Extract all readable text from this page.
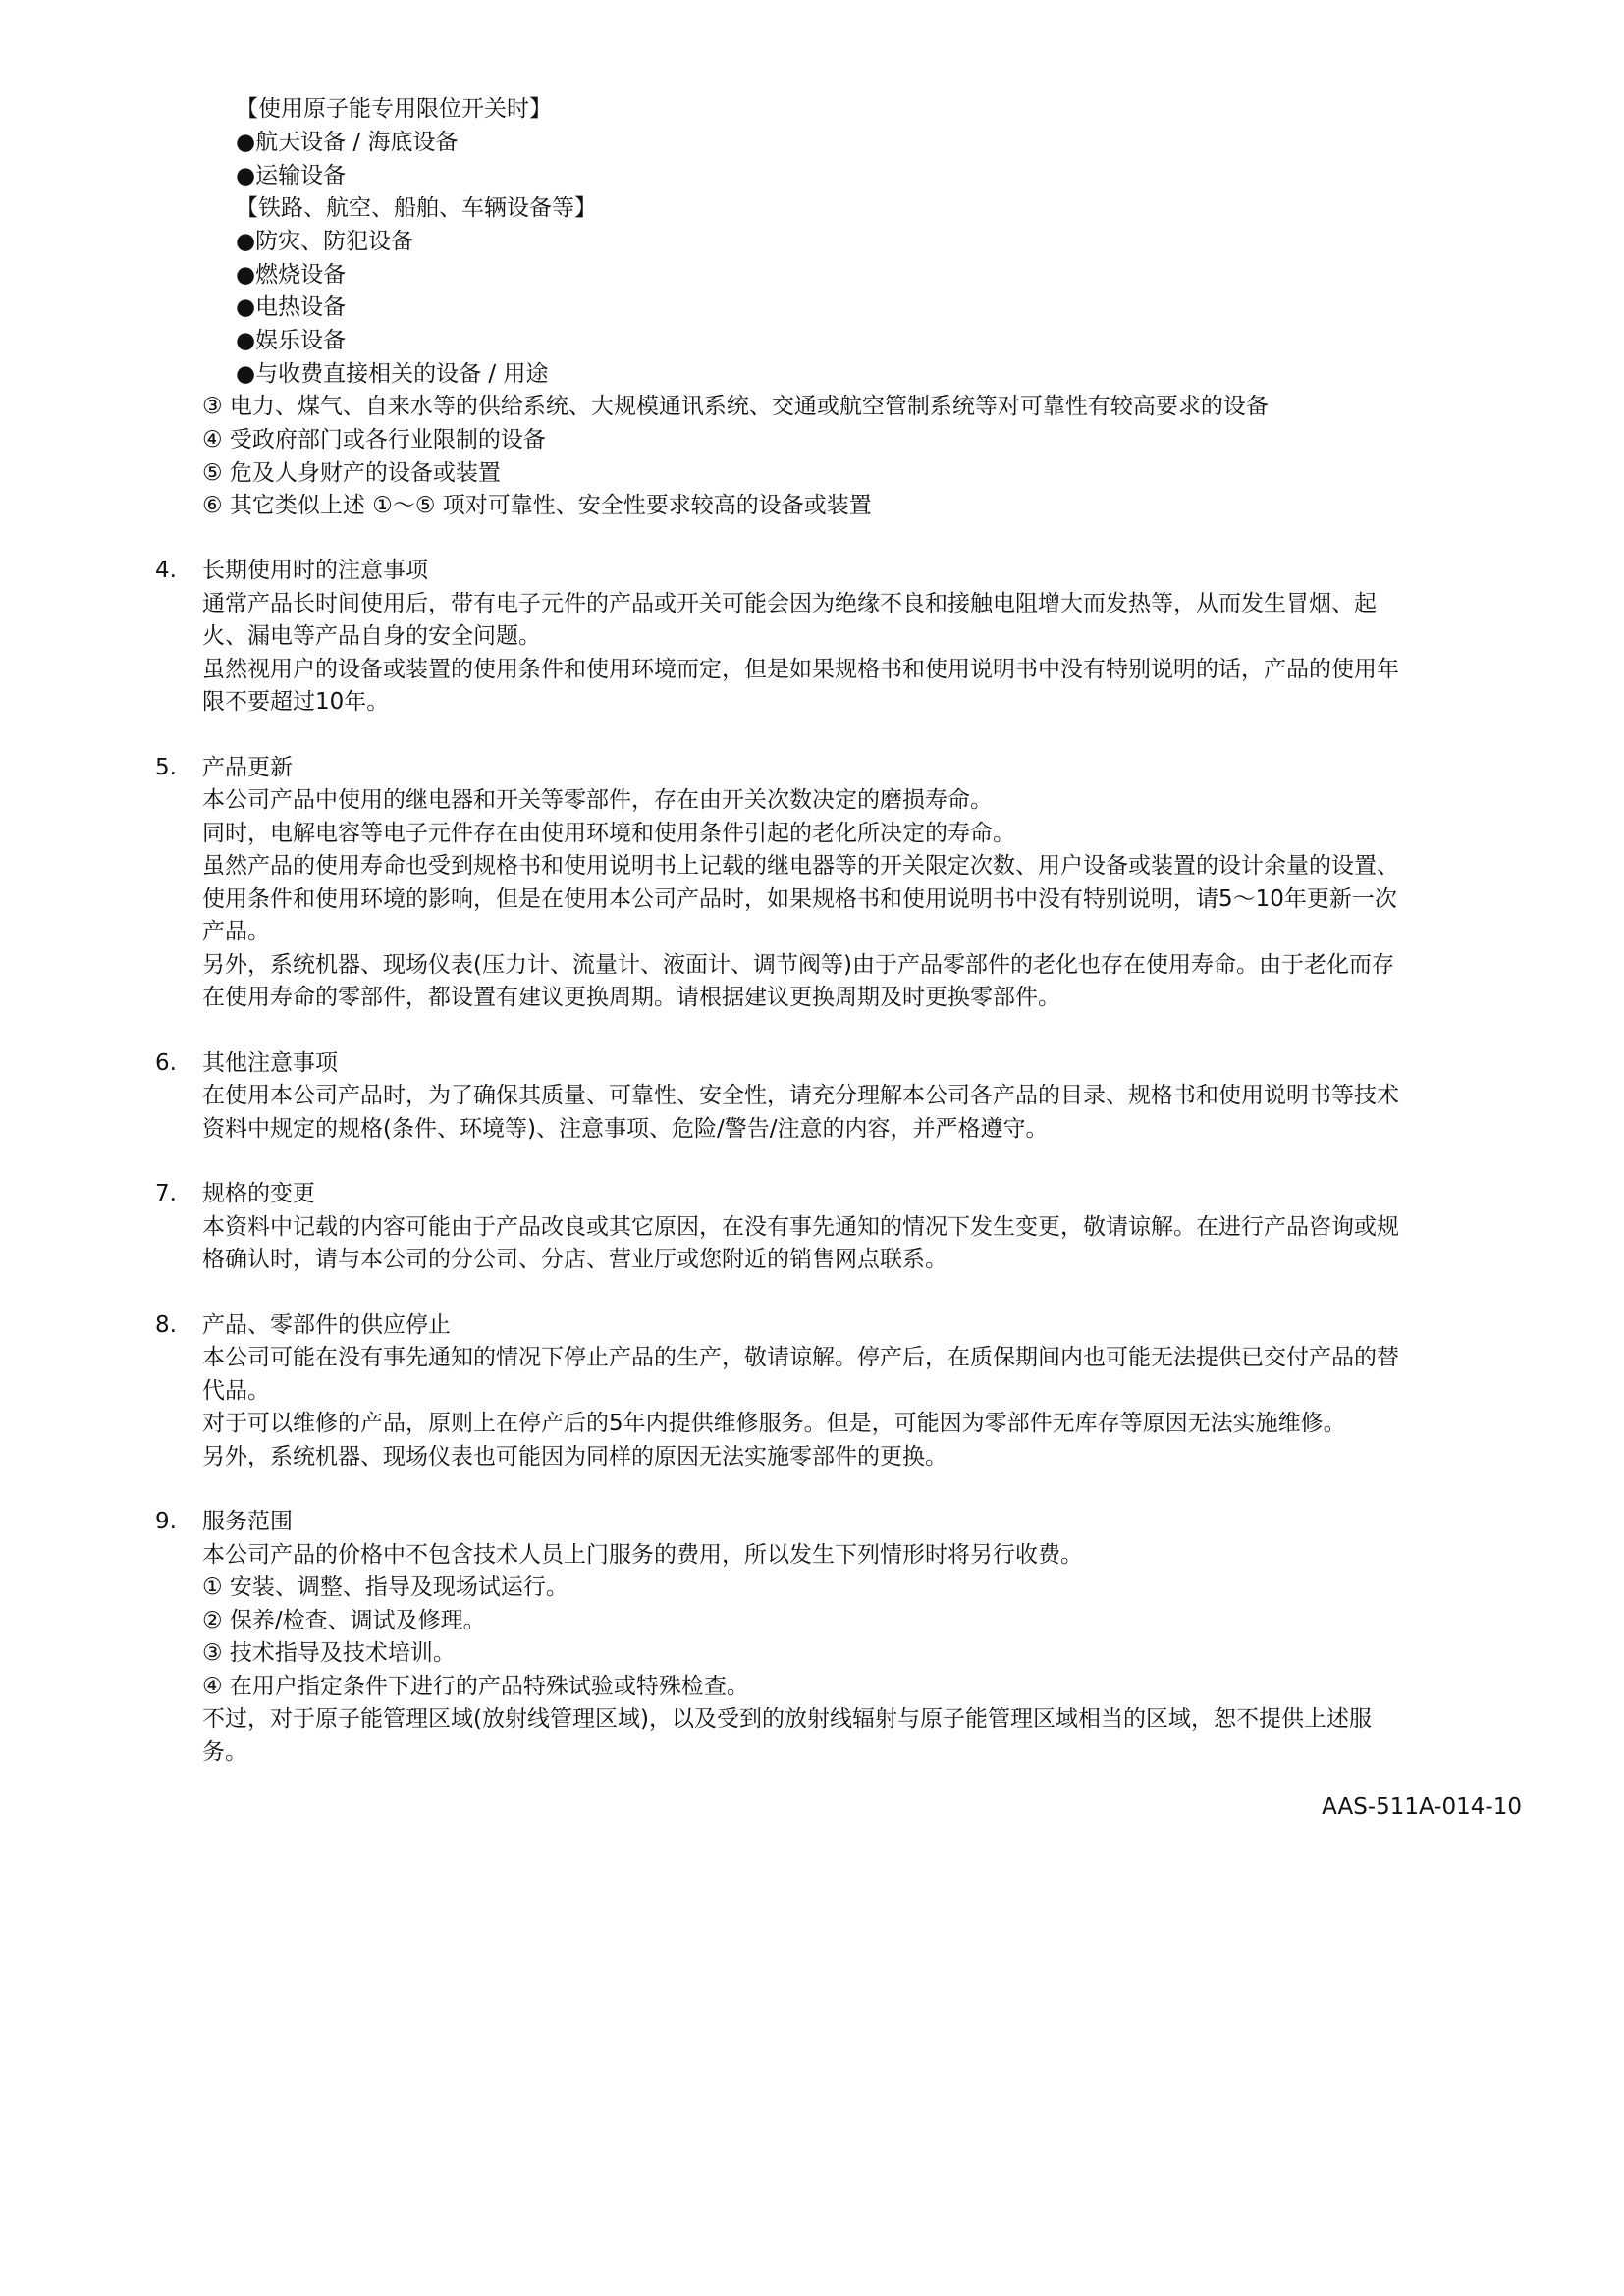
【使用原子能专用限位开关时】
●航天设备 / 海底设备
●运输设备
【铁路、航空、船舶、车辆设备等】
●防灾、防犯设备
●燃烧设备
●电热设备
●娱乐设备
●与收费直接相关的设备 / 用途
③ 电力、煤气、自来水等的供给系统、大规模通讯系统、交通或航空管制系统等对可靠性有较高要求的设备
④ 受政府部门或各行业限制的设备
⑤ 危及人身财产的设备或装置
⑥ 其它类似上述 ①～⑤ 项对可靠性、安全性要求较高的设备或装置
4. 长期使用时的注意事项
通常产品长时间使用后，带有电子元件的产品或开关可能会因为绝缘不良和接触电阻增大而发热等，从而发生冒烟、起
火、漏电等产品自身的安全问题。
虽然视用户的设备或装置的使用条件和使用环境而定，但是如果规格书和使用说明书中没有特别说明的话，产品的使用年
限不要超过10年。
5. 产品更新
本公司产品中使用的继电器和开关等零部件，存在由开关次数决定的磨损寿命。
同时，电解电容等电子元件存在由使用环境和使用条件引起的老化所决定的寿命。
虽然产品的使用寿命也受到规格书和使用说明书上记载的继电器等的开关限定次数、用户设备或装置的设计余量的设置、
使用条件和使用环境的影响，但是在使用本公司产品时，如果规格书和使用说明书中没有特别说明，请5～10年更新一次
产品。
另外，系统机器、现场仪表(压力计、流量计、液面计、调节阀等)由于产品零部件的老化也存在使用寿命。由于老化而存
在使用寿命的零部件，都设置有建议更换周期。请根据建议更换周期及时更换零部件。
6. 其他注意事项
在使用本公司产品时，为了确保其质量、可靠性、安全性，请充分理解本公司各产品的目录、规格书和使用说明书等技术
资料中规定的规格(条件、环境等)、注意事项、危险/警告/注意的内容，并严格遵守。
7. 规格的变更
本资料中记载的内容可能由于产品改良或其它原因，在没有事先通知的情况下发生变更，敬请谅解。在进行产品咨询或规
格确认时，请与本公司的分公司、分店、营业厅或您附近的销售网点联系。
8. 产品、零部件的供应停止
本公司可能在没有事先通知的情况下停止产品的生产，敬请谅解。停产后，在质保期间内也可能无法提供已交付产品的替
代品。
对于可以维修的产品，原则上在停产后的5年内提供维修服务。但是，可能因为零部件无库存等原因无法实施维修。
另外，系统机器、现场仪表也可能因为同样的原因无法实施零部件的更换。
9. 服务范围
本公司产品的价格中不包含技术人员上门服务的费用，所以发生下列情形时将另行收费。
① 安装、调整、指导及现场试运行。
② 保养/检查、调试及修理。
③ 技术指导及技术培训。
④ 在用户指定条件下进行的产品特殊试验或特殊检查。
不过，对于原子能管理区域(放射线管理区域)，以及受到的放射线辐射与原子能管理区域相当的区域，恕不提供上述服
务。
AAS-511A-014-10
